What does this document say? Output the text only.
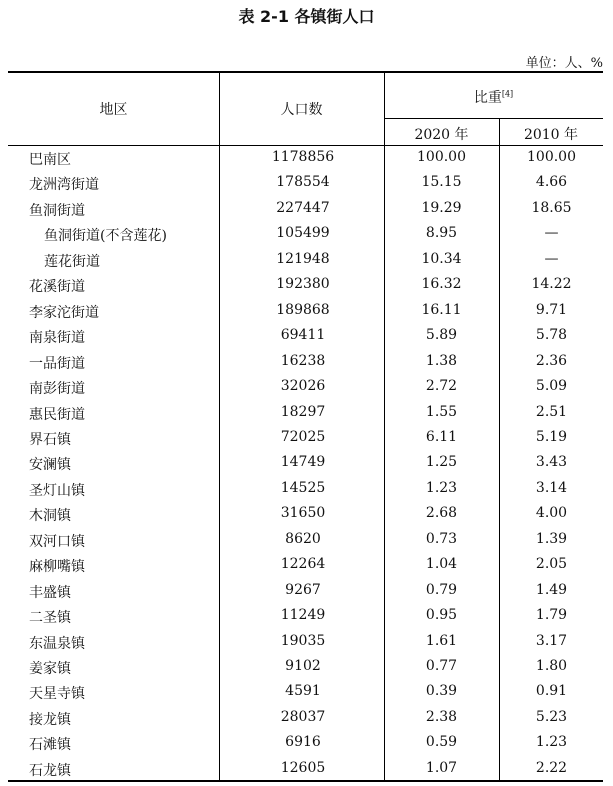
表 2-1 各镇街人口
单位：人、%
地区	人口数
比重[4]
2020 年	2010 年
巴南区	1178856	100.00	100.00
龙洲湾街道	178554	15.15	4.66
鱼洞街道	227447	19.29	18.65
鱼洞街道(不含莲花)	105499	8.95	—
莲花街道	121948	10.34	—
花溪街道	192380	16.32	14.22
李家沱街道	189868	16.11	9.71
南泉街道	69411	5.89	5.78
一品街道	16238	1.38	2.36
南彭街道	32026	2.72	5.09
惠民街道	18297	1.55	2.51
界石镇	72025	6.11	5.19
安澜镇	14749	1.25	3.43
圣灯山镇	14525	1.23	3.14
木洞镇	31650	2.68	4.00
双河口镇	8620	0.73	1.39
麻柳嘴镇	12264	1.04	2.05
丰盛镇	9267	0.79	1.49
二圣镇	11249	0.95	1.79
东温泉镇	19035	1.61	3.17
姜家镇	9102	0.77	1.80
天星寺镇	4591	0.39	0.91
接龙镇	28037	2.38	5.23
石滩镇	6916	0.59	1.23
石龙镇	12605	1.07	2.22
